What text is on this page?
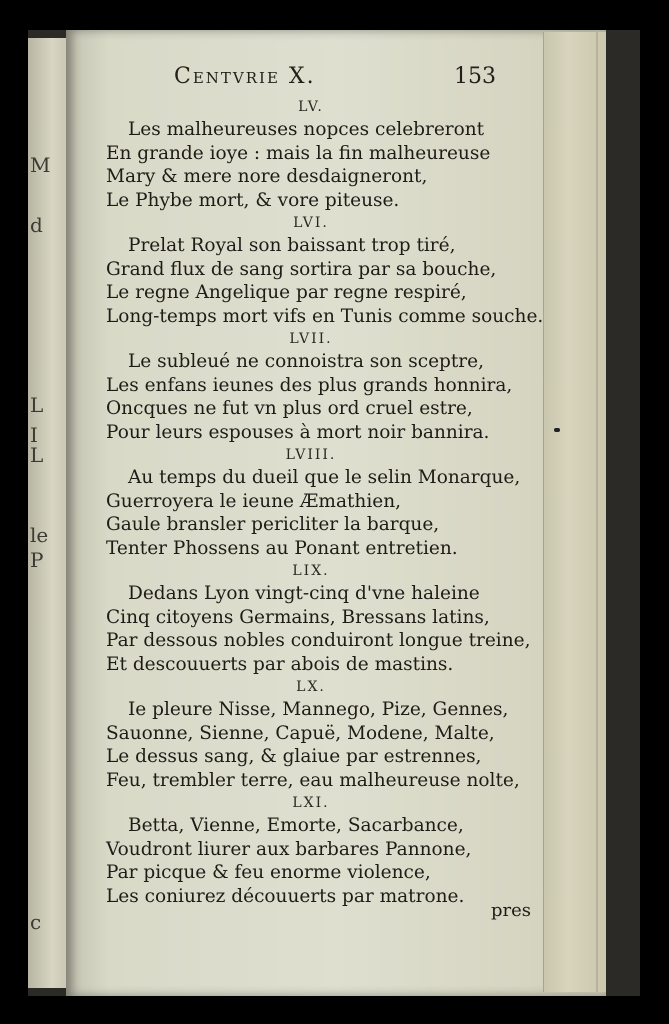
M
d
L
I
L
le
P
c
Centvrie X.	153
LV.
Les malheureuses nopces celebreront
En grande ioye : mais la fin malheureuse
Mary & mere nore desdaigneront,
Le Phybe mort, & vore piteuse.
LVI.
Prelat Royal son baissant trop tiré,
Grand flux de sang sortira par sa bouche,
Le regne Angelique par regne respiré,
Long-temps mort vifs en Tunis comme souche.
LVII.
Le subleué ne connoistra son sceptre,
Les enfans ieunes des plus grands honnira,
Oncques ne fut vn plus ord cruel estre,
Pour leurs espouses à mort noir bannira.
LVIII.
Au temps du dueil que le selin Monarque,
Guerroyera le ieune Æmathien,
Gaule bransler pericliter la barque,
Tenter Phossens au Ponant entretien.
LIX.
Dedans Lyon vingt-cinq d'vne haleine
Cinq citoyens Germains, Bressans latins,
Par dessous nobles conduiront longue treine,
Et descouuerts par abois de mastins.
LX.
Ie pleure Nisse, Mannego, Pize, Gennes,
Sauonne, Sienne, Capuë, Modene, Malte,
Le dessus sang, & glaiue par estrennes,
Feu, trembler terre, eau malheureuse nolte,
LXI.
Betta, Vienne, Emorte, Sacarbance,
Voudront liurer aux barbares Pannone,
Par picque & feu enorme violence,
Les coniurez découuerts par matrone.
pres
